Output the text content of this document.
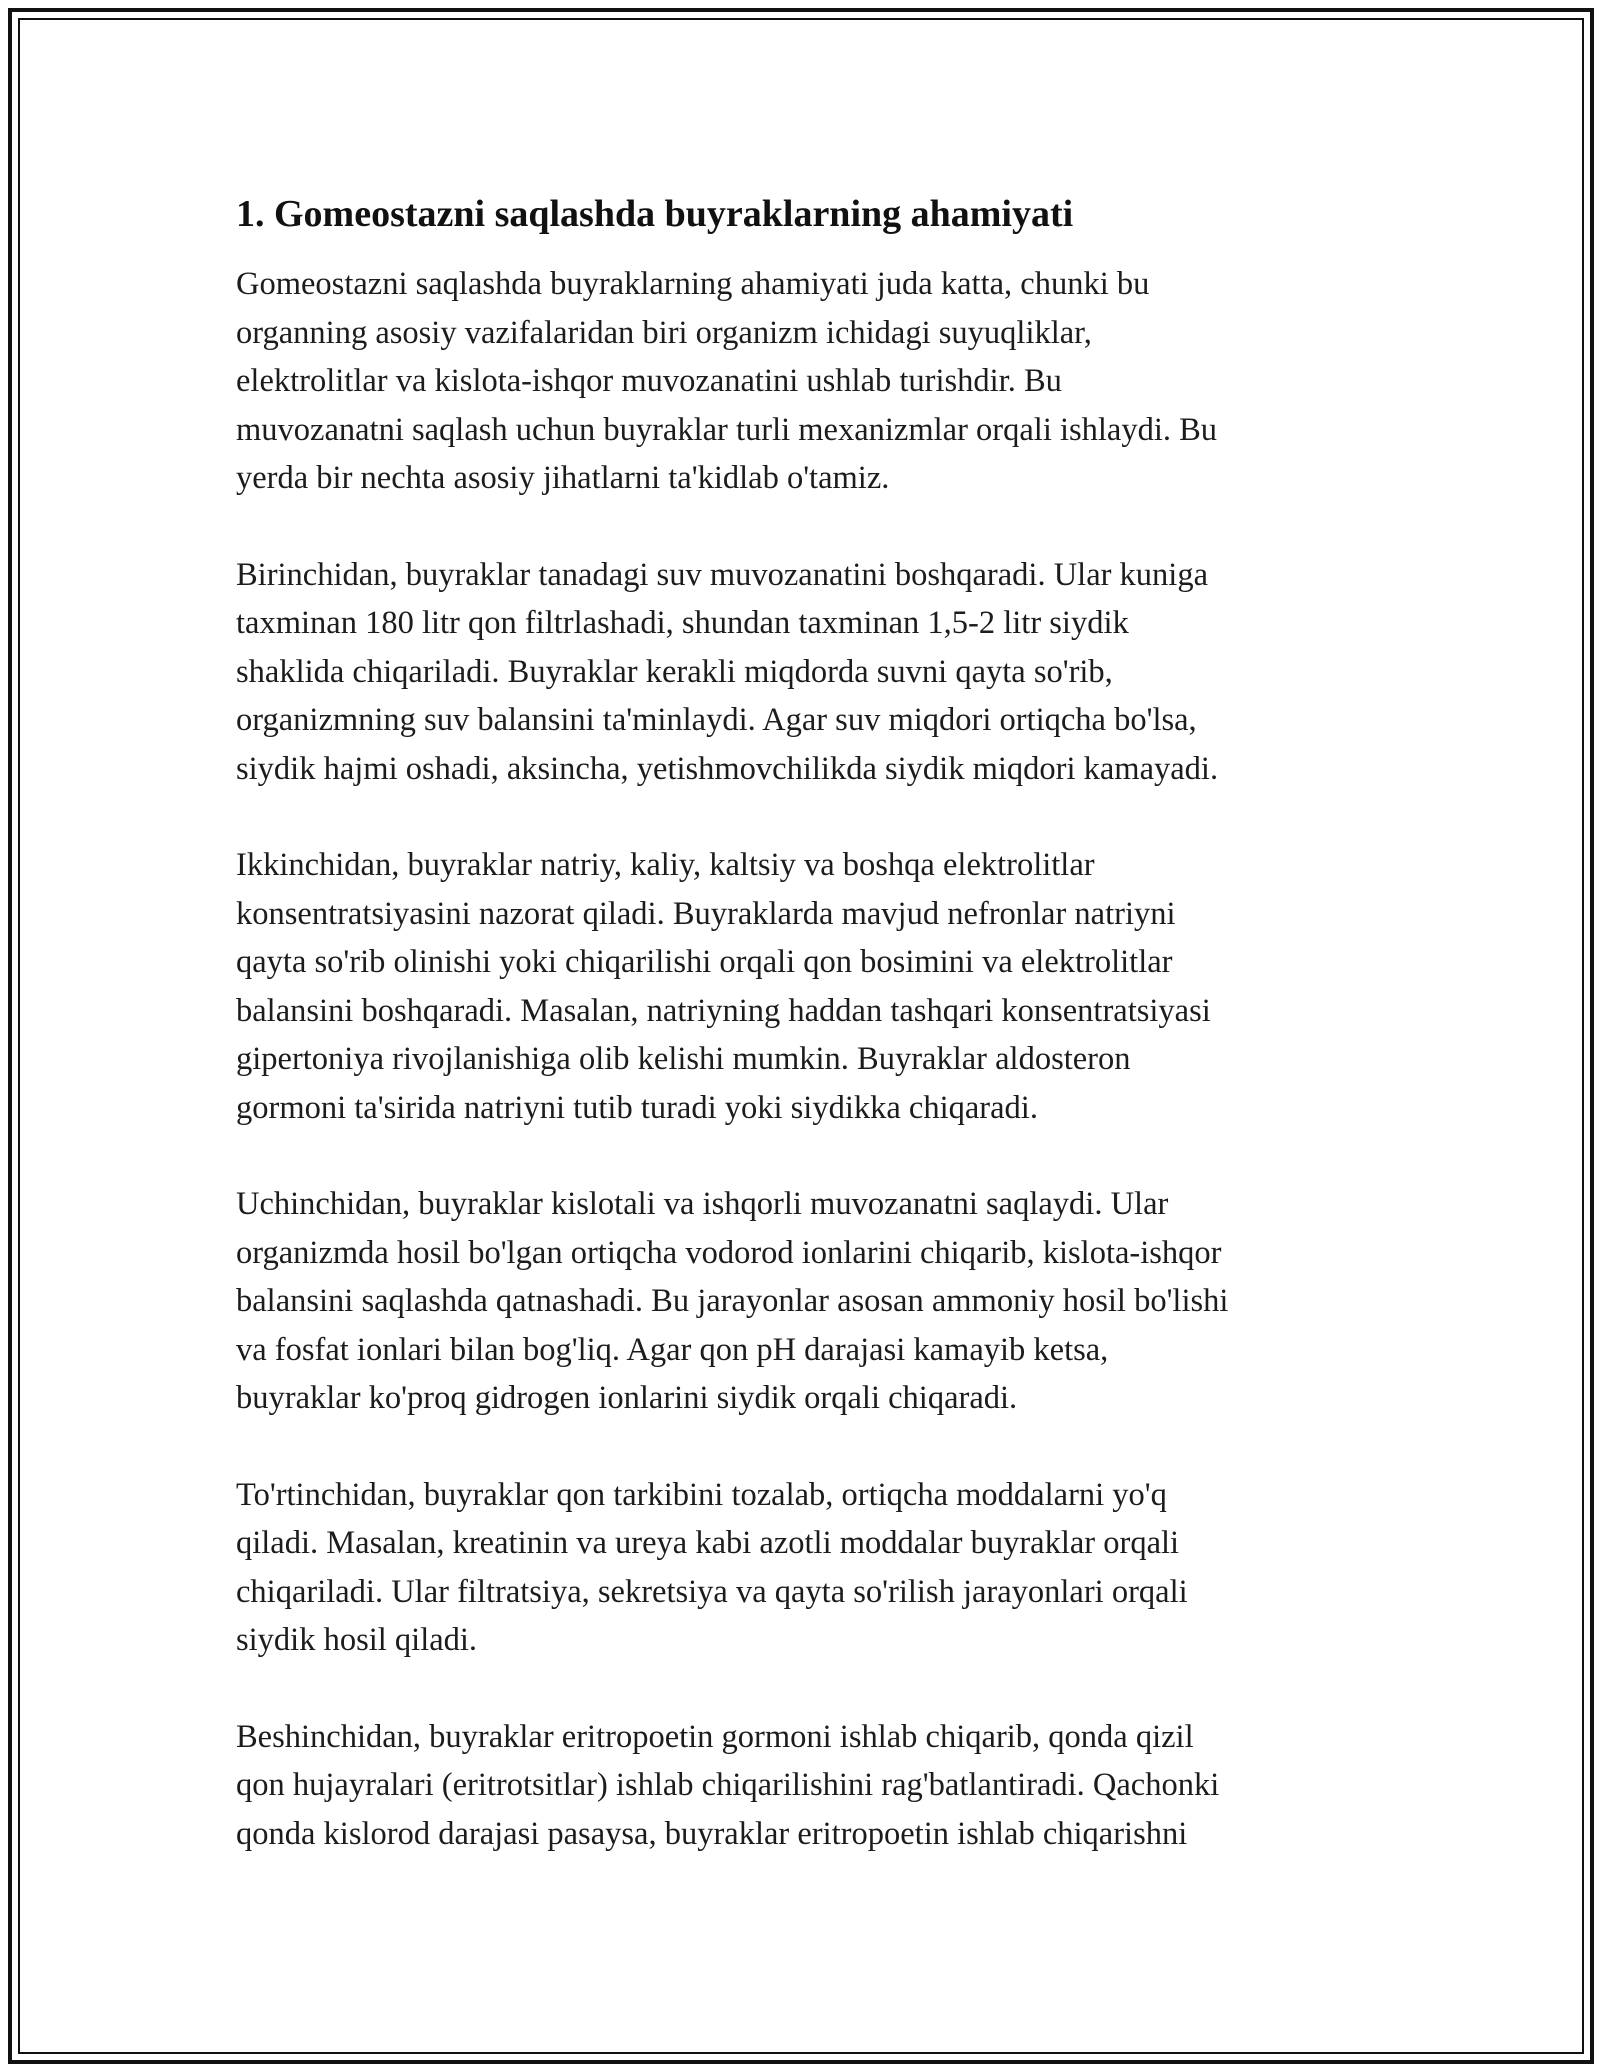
1. Gomeostazni saqlashda buyraklarning ahamiyati
Gomeostazni saqlashda buyraklarning ahamiyati juda katta, chunki bu
organning asosiy vazifalaridan biri organizm ichidagi suyuqliklar,
elektrolitlar va kislota-ishqor muvozanatini ushlab turishdir. Bu
muvozanatni saqlash uchun buyraklar turli mexanizmlar orqali ishlaydi. Bu
yerda bir nechta asosiy jihatlarni ta'kidlab o'tamiz.
Birinchidan, buyraklar tanadagi suv muvozanatini boshqaradi. Ular kuniga
taxminan 180 litr qon filtrlashadi, shundan taxminan 1,5-2 litr siydik
shaklida chiqariladi. Buyraklar kerakli miqdorda suvni qayta so'rib,
organizmning suv balansini ta'minlaydi. Agar suv miqdori ortiqcha bo'lsa,
siydik hajmi oshadi, aksincha, yetishmovchilikda siydik miqdori kamayadi.
Ikkinchidan, buyraklar natriy, kaliy, kaltsiy va boshqa elektrolitlar
konsentratsiyasini nazorat qiladi. Buyraklarda mavjud nefronlar natriyni
qayta so'rib olinishi yoki chiqarilishi orqali qon bosimini va elektrolitlar
balansini boshqaradi. Masalan, natriyning haddan tashqari konsentratsiyasi
gipertoniya rivojlanishiga olib kelishi mumkin. Buyraklar aldosteron
gormoni ta'sirida natriyni tutib turadi yoki siydikka chiqaradi.
Uchinchidan, buyraklar kislotali va ishqorli muvozanatni saqlaydi. Ular
organizmda hosil bo'lgan ortiqcha vodorod ionlarini chiqarib, kislota-ishqor
balansini saqlashda qatnashadi. Bu jarayonlar asosan ammoniy hosil bo'lishi
va fosfat ionlari bilan bog'liq. Agar qon pH darajasi kamayib ketsa,
buyraklar ko'proq gidrogen ionlarini siydik orqali chiqaradi.
To'rtinchidan, buyraklar qon tarkibini tozalab, ortiqcha moddalarni yo'q
qiladi. Masalan, kreatinin va ureya kabi azotli moddalar buyraklar orqali
chiqariladi. Ular filtratsiya, sekretsiya va qayta so'rilish jarayonlari orqali
siydik hosil qiladi.
Beshinchidan, buyraklar eritropoetin gormoni ishlab chiqarib, qonda qizil
qon hujayralari (eritrotsitlar) ishlab chiqarilishini rag'batlantiradi. Qachonki
qonda kislorod darajasi pasaysa, buyraklar eritropoetin ishlab chiqarishni
